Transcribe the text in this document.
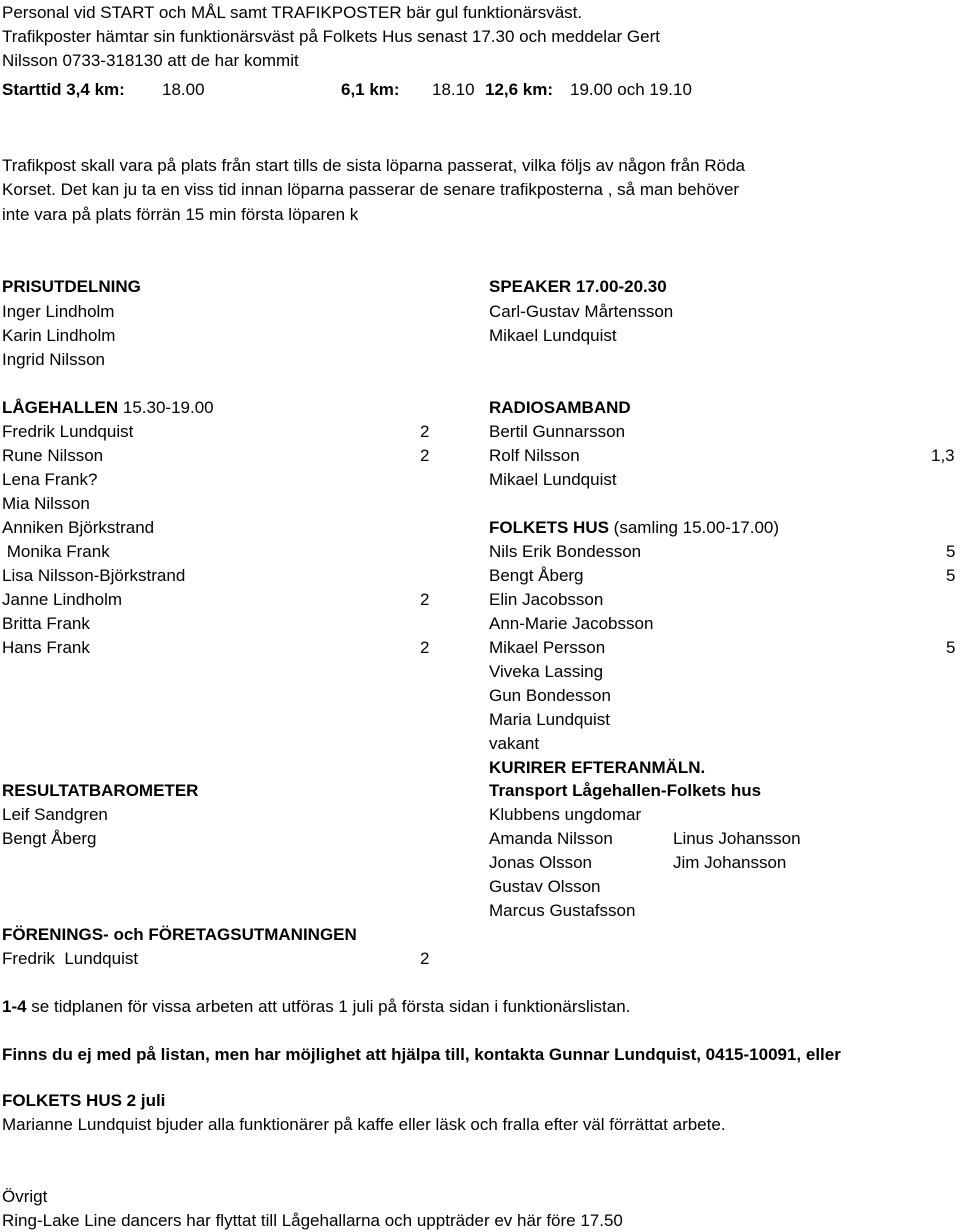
Personal vid START och MÅL samt TRAFIKPOSTER bär gul funktionärsväst.
Trafikposter hämtar sin funktionärsväst på Folkets Hus senast 17.30 och meddelar Gert
Nilsson 0733-318130 att de har kommit
Starttid 3,4 km: 18.00	6,1 km: 18.10 12,6 km: 19.00 och 19.10
Trafikpost skall vara på plats från start tills de sista löparna passerat, vilka följs av någon från Röda
Korset. Det kan ju ta en viss tid innan löparna passerar de senare trafikposterna , så man behöver
inte vara på plats förrän 15 min första löparen k
PRISUTDELNING
Inger Lindholm
Karin Lindholm
Ingrid Nilsson
SPEAKER 17.00-20.30
Carl-Gustav Mårtensson
Mikael Lundquist
LÅGEHALLEN 15.30-19.00
Fredrik Lundquist	2
Rune Nilsson	2
Lena Frank?
Mia Nilsson
Anniken Björkstrand
Monika Frank
Lisa Nilsson-Björkstrand
Janne Lindholm	2
Britta Frank
Hans Frank	2
RADIOSAMBAND
Bertil Gunnarsson
Rolf Nilsson	1,3
Mikael Lundquist
FOLKETS HUS (samling 15.00-17.00)
Nils Erik Bondesson	5
Bengt Åberg	5
Elin Jacobsson
Ann-Marie Jacobsson
Mikael Persson	5
Viveka Lassing
Gun Bondesson
Maria Lundquist
vakant
KURIRER EFTERANMÄLN.
RESULTATBAROMETER
Leif Sandgren
Bengt Åberg
Transport Lågehallen-Folkets hus
Klubbens ungdomar
Amanda Nilsson	Linus Johansson
Jonas Olsson	Jim Johansson
Gustav Olsson
Marcus Gustafsson
FÖRENINGS- och FÖRETAGSUTMANINGEN
Fredrik  Lundquist	2
1-4 se tidplanen för vissa arbeten att utföras 1 juli på första sidan i funktionärslistan.
Finns du ej med på listan, men har möjlighet att hjälpa till, kontakta Gunnar Lundquist, 0415-10091, eller
FOLKETS HUS 2 juli
Marianne Lundquist bjuder alla funktionärer på kaffe eller läsk och fralla efter väl förrättat arbete.
Övrigt
Ring-Lake Line dancers har flyttat till Lågehallarna och uppträder ev här före 17.50
